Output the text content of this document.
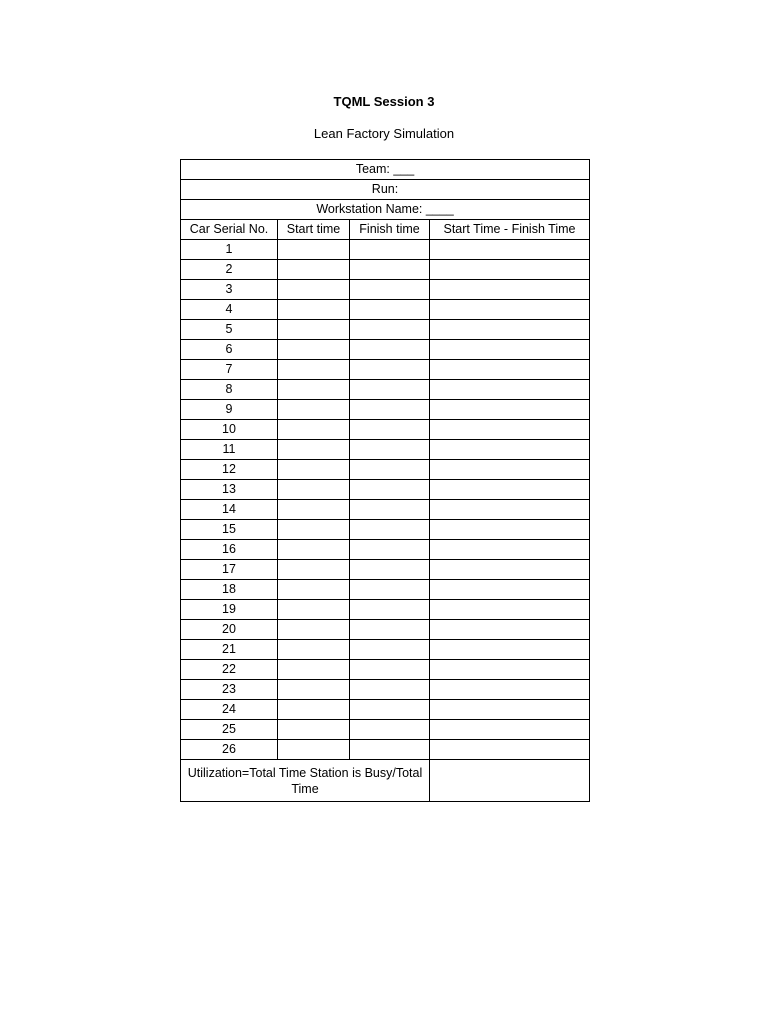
TQML Session 3
Lean Factory Simulation
Team: ___			
Run:			
Workstation Name: ____			
Car Serial No.	Start time	Finish time	Start Time - Finish Time
1			
2			
3			
4			
5			
6			
7			
8			
9			
10			
11			
12			
13			
14			
15			
16			
17			
18			
19			
20			
21			
22			
23			
24			
25			
26			
Utilization=Total Time Station is Busy/Total Time			
